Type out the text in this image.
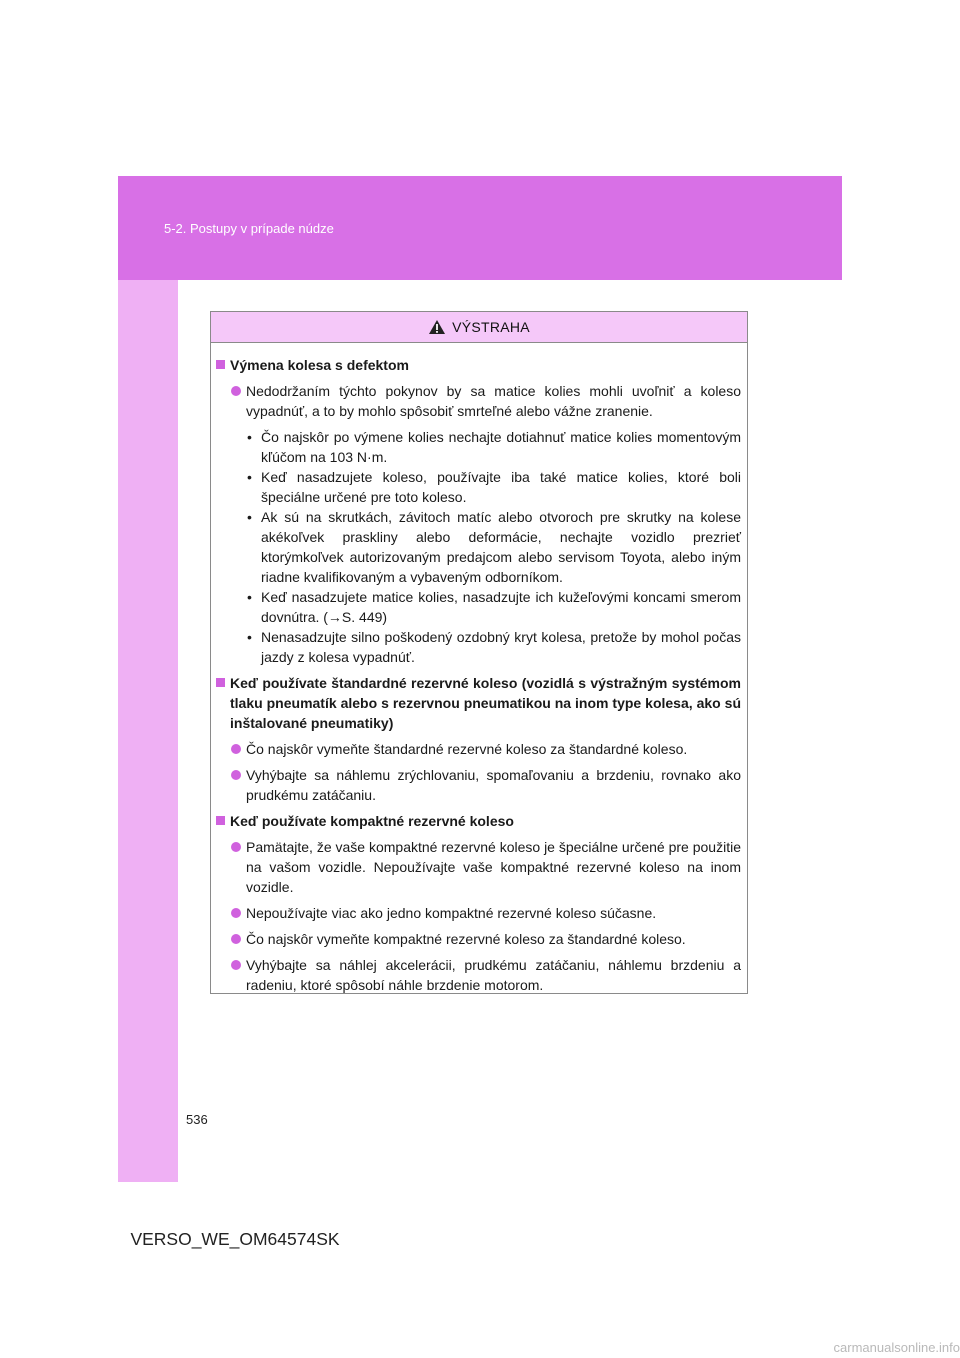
5-2. Postupy v prípade núdze
VÝSTRAHA
Výmena kolesa s defektom
Nedodržaním týchto pokynov by sa matice kolies mohli uvoľniť a koleso vypadnúť, a to by mohlo spôsobiť smrteľné alebo vážne zranenie.
• Čo najskôr po výmene kolies nechajte dotiahnuť matice kolies momentovým kľúčom na 103 N·m.
• Keď nasadzujete koleso, používajte iba také matice kolies, ktoré boli špeciálne určené pre toto koleso.
• Ak sú na skrutkách, závitoch matíc alebo otvoroch pre skrutky na kolese akékoľvek praskliny alebo deformácie, nechajte vozidlo prezrieť ktorýmkoľvek autorizovaným predajcom alebo servisom Toyota, alebo iným riadne kvalifikovaným a vybaveným odborníkom.
• Keď nasadzujete matice kolies, nasadzujte ich kužeľovými koncami smerom dovnútra. (→S. 449)
• Nenasadzujte silno poškodený ozdobný kryt kolesa, pretože by mohol počas jazdy z kolesa vypadnúť.
Keď používate štandardné rezervné koleso (vozidlá s výstražným systémom tlaku pneumatík alebo s rezervnou pneumatikou na inom type kolesa, ako sú inštalované pneumatiky)
Čo najskôr vymeňte štandardné rezervné koleso za štandardné koleso.
Vyhýbajte sa náhlemu zrýchlovaniu, spomaľovaniu a brzdeniu, rovnako ako prudkému zatáčaniu.
Keď používate kompaktné rezervné koleso
Pamätajte, že vaše kompaktné rezervné koleso je špeciálne určené pre použitie na vašom vozidle. Nepoužívajte vaše kompaktné rezervné koleso na inom vozidle.
Nepoužívajte viac ako jedno kompaktné rezervné koleso súčasne.
Čo najskôr vymeňte kompaktné rezervné koleso za štandardné koleso.
Vyhýbajte sa náhlej akcelerácii, prudkému zatáčaniu, náhlemu brzdeniu a radeniu, ktoré spôsobí náhle brzdenie motorom.
536
VERSO_WE_OM64574SK
carmanualsonline.info
